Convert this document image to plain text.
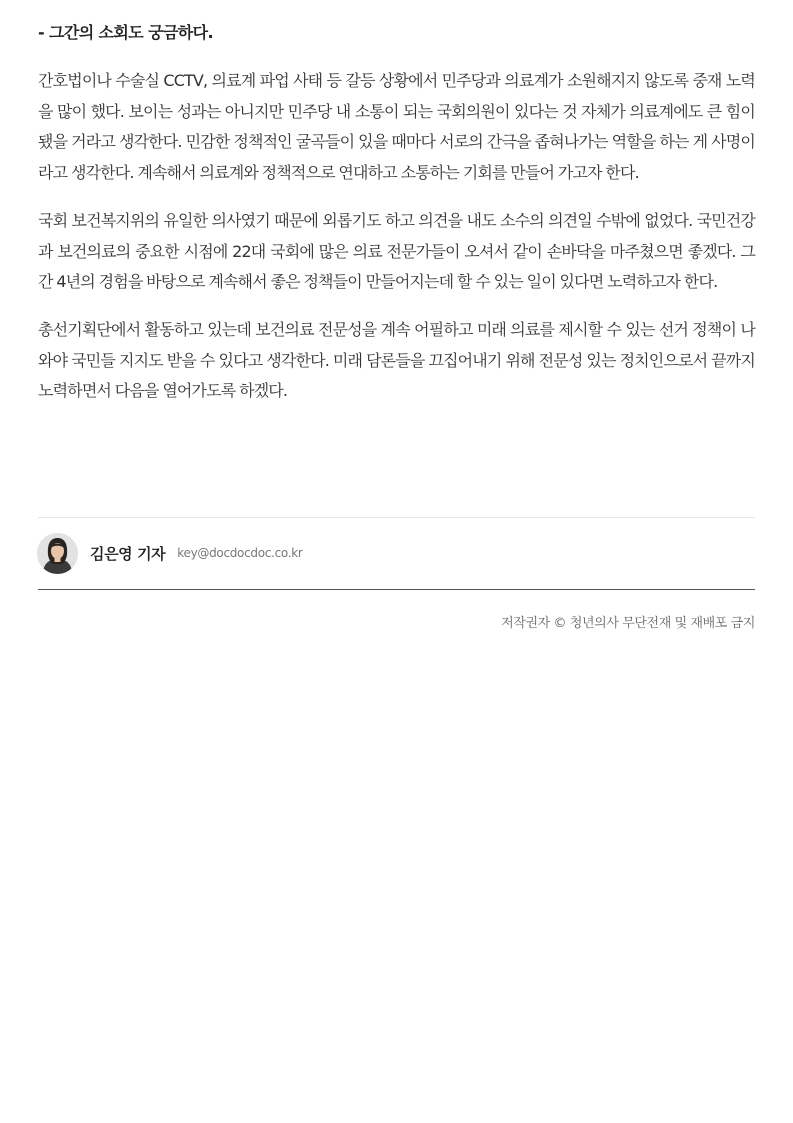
- 그간의 소회도 궁금하다.

간호법이나 수술실 CCTV, 의료계 파업 사태 등 갈등 상황에서 민주당과 의료계가 소원해지지 않도록 중재 노력을 많이 했다. 보이는 성과는 아니지만 민주당 내 소통이 되는 국회의원이 있다는 것 자체가 의료계에도 큰 힘이 됐을 거라고 생각한다. 민감한 정책적인 굴곡들이 있을 때마다 서로의 간극을 좁혀나가는 역할을 하는 게 사명이라고 생각한다. 계속해서 의료계와 정책적으로 연대하고 소통하는 기회를 만들어 가고자 한다.

국회 보건복지위의 유일한 의사였기 때문에 외롭기도 하고 의견을 내도 소수의 의견일 수밖에 없었다. 국민건강과 보건의료의 중요한 시점에 22대 국회에 많은 의료 전문가들이 오셔서 같이 손바닥을 마주쳤으면 좋겠다. 그간 4년의 경험을 바탕으로 계속해서 좋은 정책들이 만들어지는데 할 수 있는 일이 있다면 노력하고자 한다.

총선기획단에서 활동하고 있는데 보건의료 전문성을 계속 어필하고 미래 의료를 제시할 수 있는 선거 정책이 나와야 국민들 지지도 받을 수 있다고 생각한다. 미래 담론들을 끄집어내기 위해 전문성 있는 정치인으로서 끝까지 노력하면서 다음을 열어가도록 하겠다.

김은영 기자 key@docdocdoc.co.kr
저작권자 © 청년의사 무단전재 및 재배포 금지
